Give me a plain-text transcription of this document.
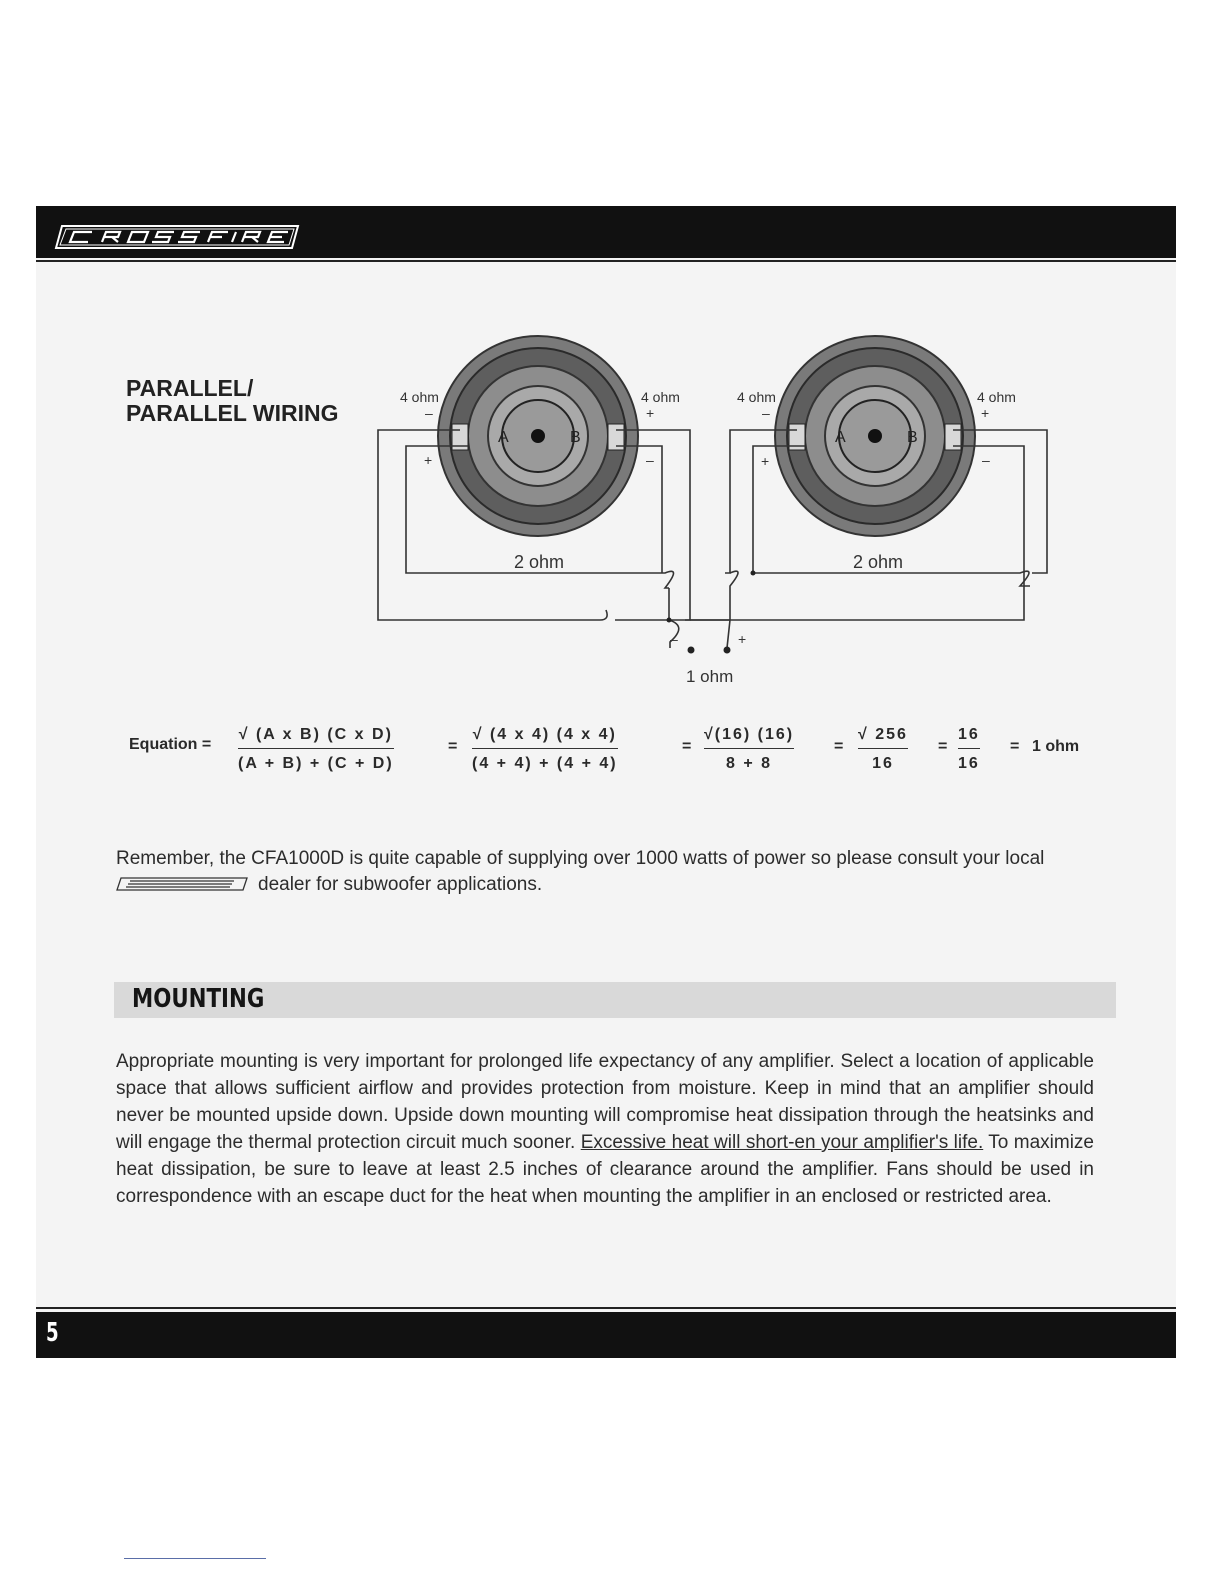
PARALLEL/
PARALLEL WIRING
A	B	A	B
4 ohm	4 ohm	4 ohm	4 ohm
–	+	–	+
+	–	+	–
2 ohm	2 ohm
–	+
1 ohm
Equation = $\frac{\text{√ (A x B) (C x D)}}{(A + B) + (C + D)}$	= $\frac{√ (4 x 4) (4 x 4)}{(4 + 4) + (4 + 4)}$	= $\frac{√(16) (16)}{8 + 8} = \frac{√ 256}{16} = \frac{16}{16} = 1$ ohm
Remember, the CFA1000D is quite capable of supplying over 1000 watts of power so please consult your local
dealer for subwoofer applications.
MOUNTING
Appropriate mounting is very important for prolonged life expectancy of any amplifier. Select a location of applicable space that allows sufficient airflow and provides protection from moisture. Keep in mind that an amplifier should never be mounted upside down. Upside down mounting will compromise heat dissipation through the heatsinks and will engage the thermal protection circuit much sooner. Excessive heat will short-en your amplifier's life. To maximize heat dissipation, be sure to leave at least 2.5 inches of clearance around the amplifier. Fans should be used in correspondence with an escape duct for the heat when mounting the amplifier in an enclosed or restricted area.
5
